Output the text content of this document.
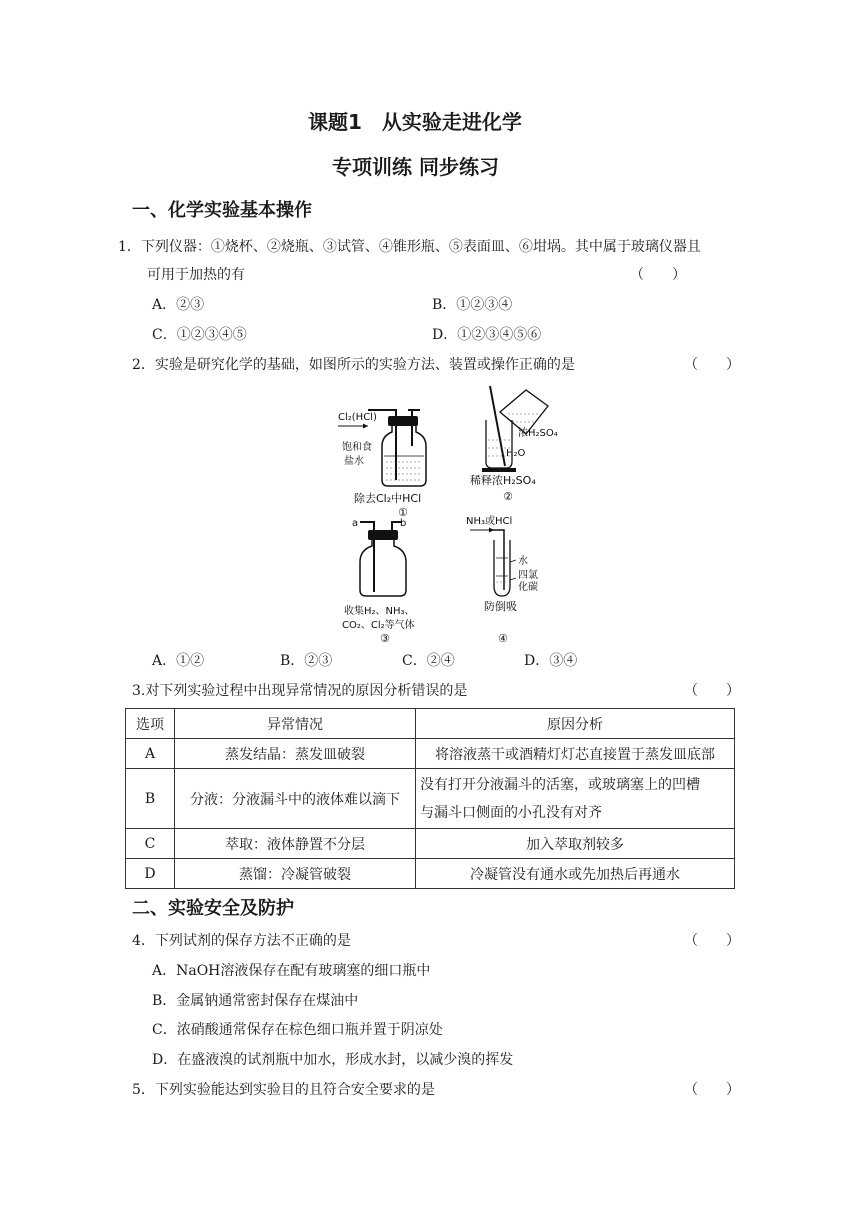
课题1　从实验走进化学
专项训练 同步练习
一、化学实验基本操作
1．下列仪器：①烧杯、②烧瓶、③试管、④锥形瓶、⑤表面皿、⑥坩埚。其中属于玻璃仪器且
可用于加热的有	（　　）
A．②③	B．①②③④
C．①②③④⑤	D．①②③④⑤⑥
2．实验是研究化学的基础，如图所示的实验方法、装置或操作正确的是	（　　）
Cl₂(HCl)
饱和食
盐水
除去Cl₂中HCl
①
浓H₂SO₄
H₂O
稀释浓H₂SO₄
②
a	b
收集H₂、NH₃、
CO₂、Cl₂等气体
③
NH₃或HCl
水
四氯
化碳
防倒吸
④
A．①②	B．②③	C．②④	D．③④
3.对下列实验过程中出现异常情况的原因分析错误的是	（　　）
选项	异常情况	原因分析
A	蒸发结晶：蒸发皿破裂	将溶液蒸干或酒精灯灯芯直接置于蒸发皿底部
B	分液：分液漏斗中的液体难以滴下	没有打开分液漏斗的活塞，或玻璃塞上的凹槽
与漏斗口侧面的小孔没有对齐

C	萃取：液体静置不分层	加入萃取剂较多
D	蒸馏：冷凝管破裂	冷凝管没有通水或先加热后再通水
二、实验安全及防护
4．下列试剂的保存方法不正确的是	（　　）
A．NaOH溶液保存在配有玻璃塞的细口瓶中
B．金属钠通常密封保存在煤油中
C．浓硝酸通常保存在棕色细口瓶并置于阴凉处
D．在盛液溴的试剂瓶中加水，形成水封，以减少溴的挥发
5．下列实验能达到实验目的且符合安全要求的是	（　　）
